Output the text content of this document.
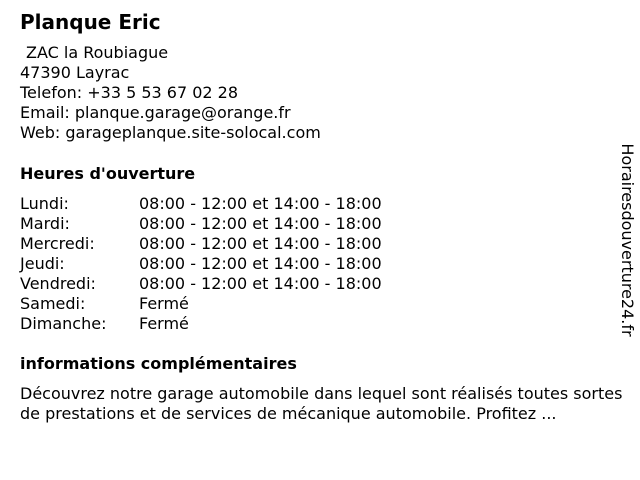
Planque Eric
ZAC la Roubiague
47390 Layrac
Telefon: +33 5 53 67 02 28
Email: planque.garage@orange.fr
Web: garageplanque.site-solocal.com
Heures d'ouverture
Lundi:	08:00 - 12:00 et 14:00 - 18:00
Mardi:	08:00 - 12:00 et 14:00 - 18:00
Mercredi:	08:00 - 12:00 et 14:00 - 18:00
Jeudi:	08:00 - 12:00 et 14:00 - 18:00
Vendredi:	08:00 - 12:00 et 14:00 - 18:00
Samedi:	Fermé
Dimanche: Fermé
informations complémentaires
Découvrez notre garage automobile dans lequel sont réalisés toutes sortes de prestations et de services de mécanique automobile. Profitez ...
Horairesdouverture24.fr
